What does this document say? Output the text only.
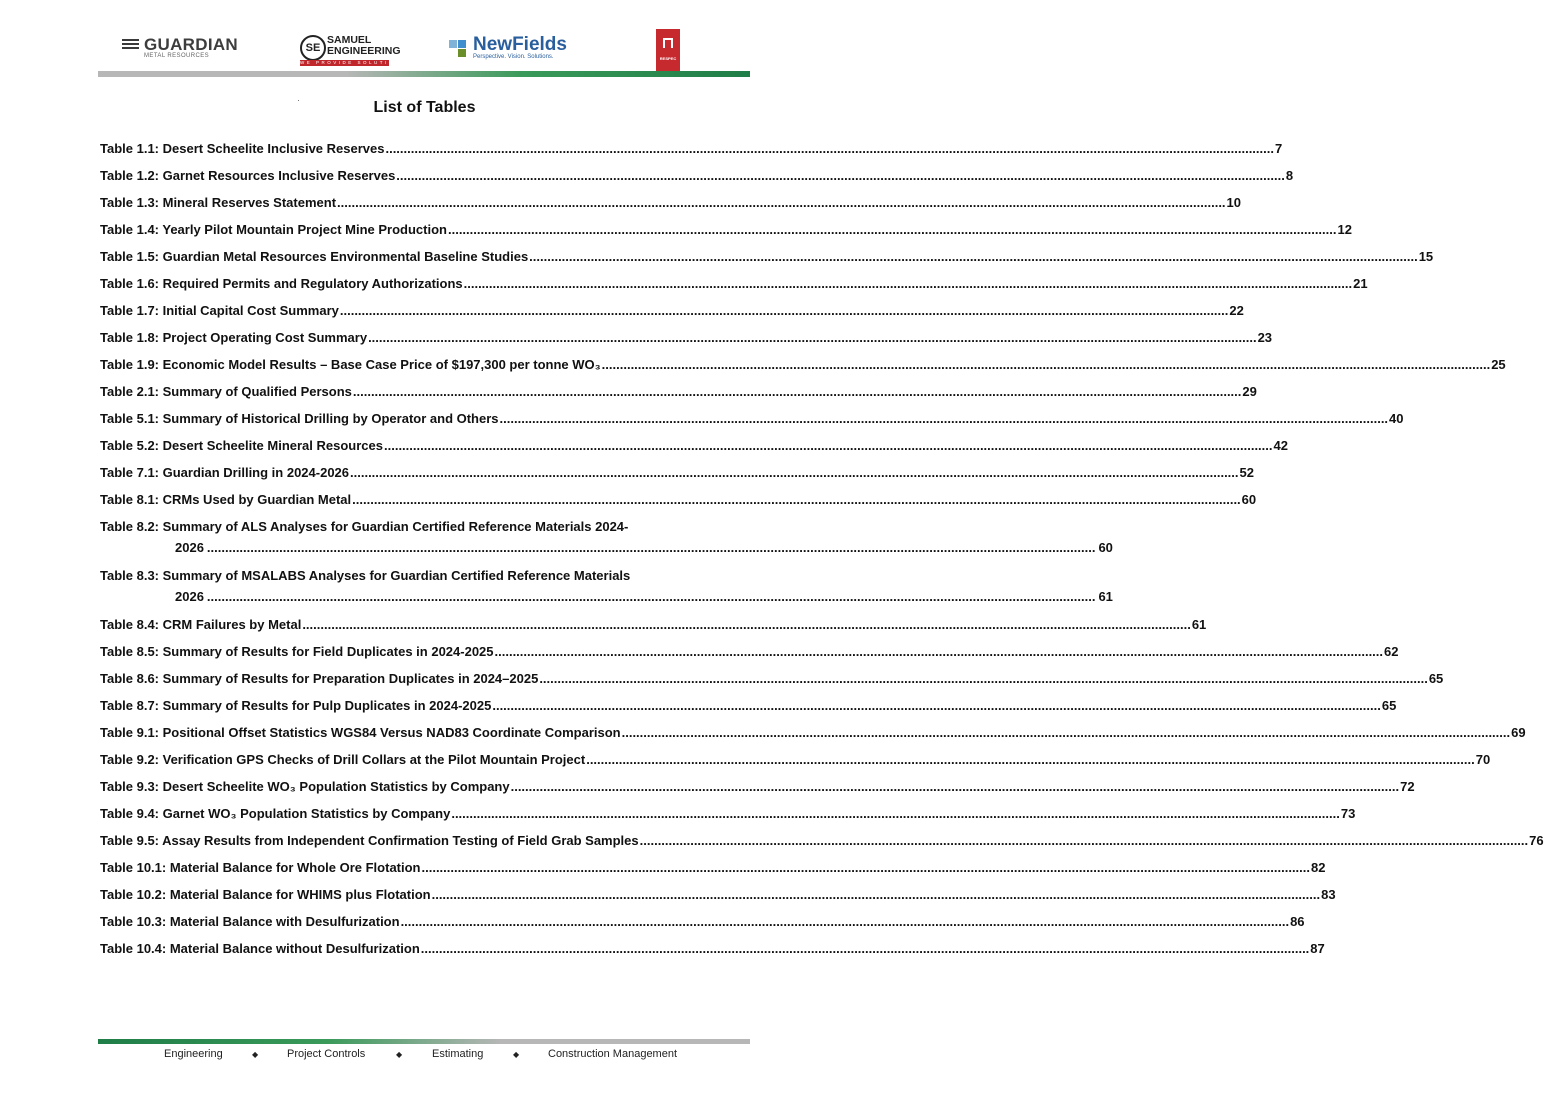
GUARDIAN
METAL RESOURCES
SE
SAMUEL
ENGINEERING
WE PROVIDE SOLUTIONS
NewFields
Perspective. Vision. Solutions.	RESPEC
List of Tables
Table 1.1: Desert Scheelite Inclusive Reserves .....	7
Table 1.2: Garnet Resources Inclusive Reserves .....	8
Table 1.3: Mineral Reserves Statement .....	10
Table 1.4: Yearly Pilot Mountain Project Mine Production .....	12
Table 1.5: Guardian Metal Resources Environmental Baseline Studies .....	15
Table 1.6: Required Permits and Regulatory Authorizations .....	21
Table 1.7: Initial Capital Cost Summary .....	22
Table 1.8: Project Operating Cost Summary .....	23
Table 1.9: Economic Model Results – Base Case Price of $197,300 per tonne WO₃ .....	25
Table 2.1: Summary of Qualified Persons .....	29
Table 5.1: Summary of Historical Drilling by Operator and Others .....	40
Table 5.2: Desert Scheelite Mineral Resources .....	42
Table 7.1: Guardian Drilling in 2024-2026 .....	52
Table 8.1: CRMs Used by Guardian Metal .....	60
Table 8.2: Summary of ALS Analyses for Guardian Certified Reference Materials 2024-
2026 .....	60
Table 8.3: Summary of MSALABS Analyses for Guardian Certified Reference Materials
2026 .....	61
Table 8.4: CRM Failures by Metal .....	61
Table 8.5: Summary of Results for Field Duplicates in 2024-2025 .....	62
Table 8.6: Summary of Results for Preparation Duplicates in 2024–2025 .....	65
Table 8.7: Summary of Results for Pulp Duplicates in 2024-2025 .....	65
Table 9.1: Positional Offset Statistics WGS84 Versus NAD83 Coordinate Comparison .....	69
Table 9.2: Verification GPS Checks of Drill Collars at the Pilot Mountain Project .....	70
Table 9.3: Desert Scheelite WO₃ Population Statistics by Company .....	72
Table 9.4: Garnet WO₃ Population Statistics by Company .....	73
Table 9.5: Assay Results from Independent Confirmation Testing of Field Grab Samples .....	76
Table 10.1: Material Balance for Whole Ore Flotation .....	82
Table 10.2: Material Balance for WHIMS plus Flotation .....	83
Table 10.3: Material Balance with Desulfurization .....	86
Table 10.4: Material Balance without Desulfurization .....	87
Engineering	◆	Project Controls	◆	Estimating	◆	Construction Management
